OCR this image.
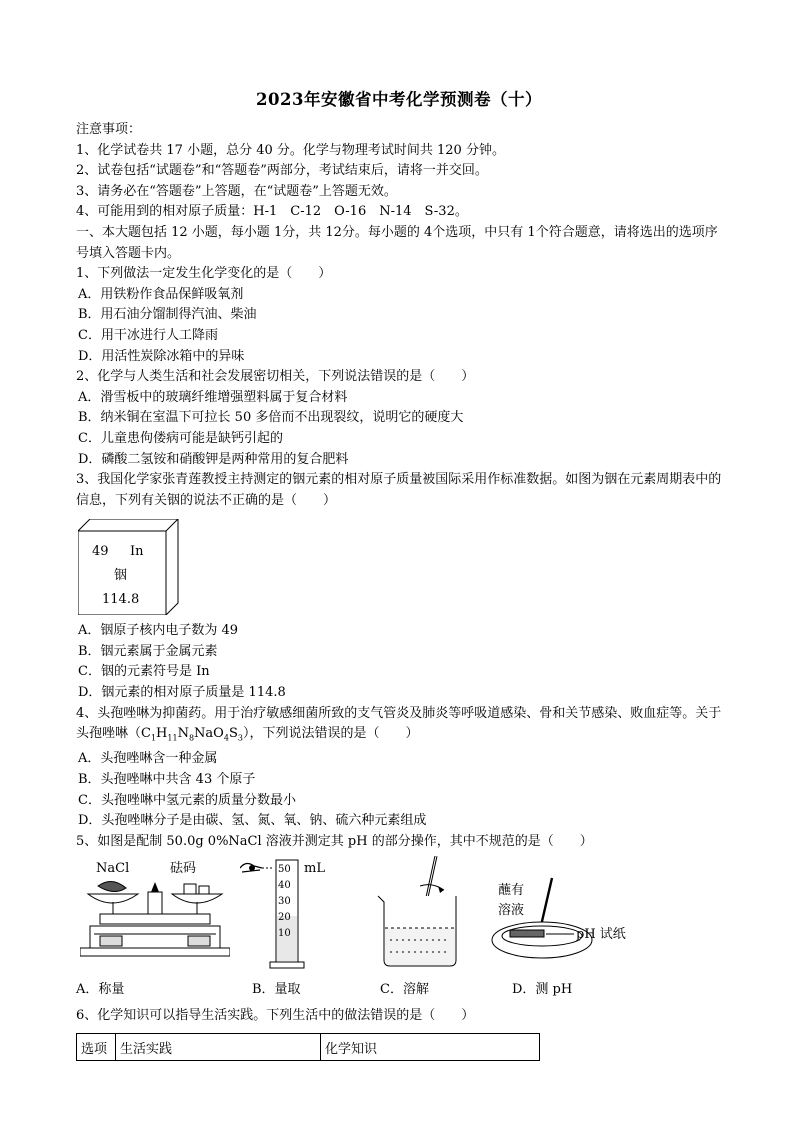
2023年安徽省中考化学预测卷（十）
注意事项：
1、化学试卷共 17 小题，总分 40 分。化学与物理考试时间共 120 分钟。
2、试卷包括“试题卷”和“答题卷”两部分，考试结束后，请将一并交回。
3、请务必在“答题卷”上答题，在“试题卷”上答题无效。
4、可能用到的相对原子质量：H-1　C-12　O-16　N-14　S-32。
一、本大题包括 12 小题，每小题 1分，共 12分。每小题的 4个选项，中只有 1个符合题意，请将选出的选项序号填入答题卡内。
1、下列做法一定发生化学变化的是（　　）
A．用铁粉作食品保鲜吸氧剂
B．用石油分馏制得汽油、柴油
C．用干冰进行人工降雨
D．用活性炭除冰箱中的异味
2、化学与人类生活和社会发展密切相关，下列说法错误的是（　　）
A．滑雪板中的玻璃纤维增强塑料属于复合材料
B．纳米铜在室温下可拉长 50 多倍而不出现裂纹，说明它的硬度大
C．儿童患佝偻病可能是缺钙引起的
D．磷酸二氢铵和硝酸钾是两种常用的复合肥料
3、我国化学家张青莲教授主持测定的铟元素的相对原子质量被国际采用作标准数据。如图为铟在元素周期表中的信息，下列有关铟的说法不正确的是（　　）
49 In
铟
114.8
A．铟原子核内电子数为 49
B．铟元素属于金属元素
C．铟的元素符号是 In
D．铟元素的相对原子质量是 114.8
4、头孢唑啉为抑菌药。用于治疗敏感细菌所致的支气管炎及肺炎等呼吸道感染、骨和关节感染、败血症等。关于头孢唑啉$(C_1H_{11}N_8NaO_4S_3)$，下列说法错误的是（　　）
A．头孢唑啉含一种金属
B．头孢唑啉中共含 43 个原子
C．头孢唑啉中氢元素的质量分数最小
D．头孢唑啉分子是由碳、氢、氮、氧、钠、硫六种元素组成
5、如图是配制 50.0g 0%NaCl 溶液并测定其 pH 的部分操作，其中不规范的是（　　）
NaCl	砝码	50
40
30
20
10
mL
蘸有
溶液
pH 试纸
A．称量	B．量取	C．溶解	D．测 pH
6、化学知识可以指导生活实践。下列生活中的做法错误的是（　　）
选项	生活实践	化学知识
